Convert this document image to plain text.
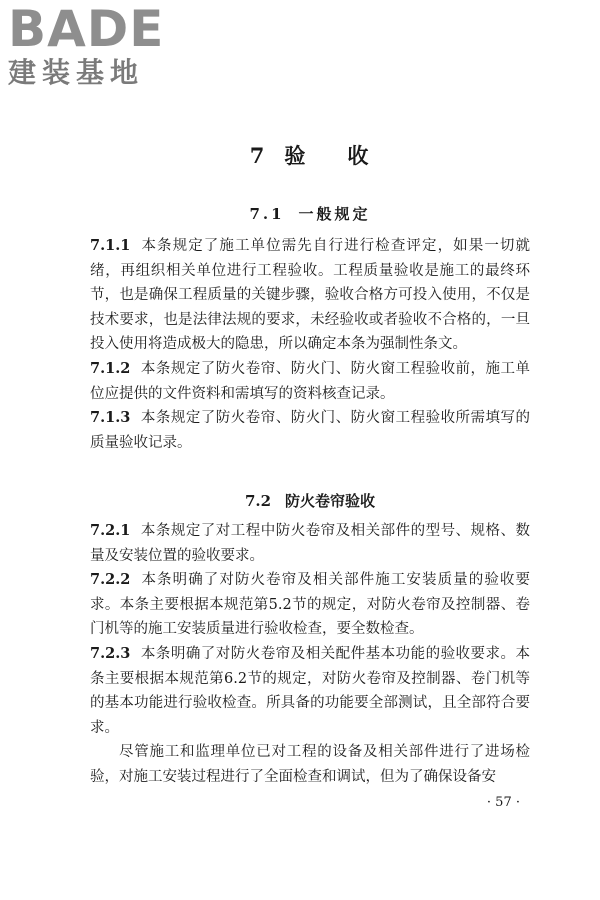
BADE
建装基地
7 验 收
7.1 一般规定

7.1.1 本条规定了施工单位需先自行进行检查评定，如果一切就绪，再组织相关单位进行工程验收。工程质量验收是施工的最终环节，也是确保工程质量的关键步骤，验收合格方可投入使用，不仅是技术要求，也是法律法规的要求，未经验收或者验收不合格的，一旦投入使用将造成极大的隐患，所以确定本条为强制性条文。

7.1.2 本条规定了防火卷帘、防火门、防火窗工程验收前，施工单位应提供的文件资料和需填写的资料核查记录。

7.1.3 本条规定了防火卷帘、防火门、防火窗工程验收所需填写的质量验收记录。

7.2 防火卷帘验收

7.2.1 本条规定了对工程中防火卷帘及相关部件的型号、规格、数量及安装位置的验收要求。

7.2.2 本条明确了对防火卷帘及相关部件施工安装质量的验收要求。本条主要根据本规范第5.2节的规定，对防火卷帘及控制器、卷门机等的施工安装质量进行验收检查，要全数检查。

7.2.3 本条明确了对防火卷帘及相关配件基本功能的验收要求。本条主要根据本规范第6.2节的规定，对防火卷帘及控制器、卷门机等的基本功能进行验收检查。所具备的功能要全部测试，且全部符合要求。

尽管施工和监理单位已对工程的设备及相关部件进行了进场检验，对施工安装过程进行了全面检查和调试，但为了确保设备安

· 57 ·
